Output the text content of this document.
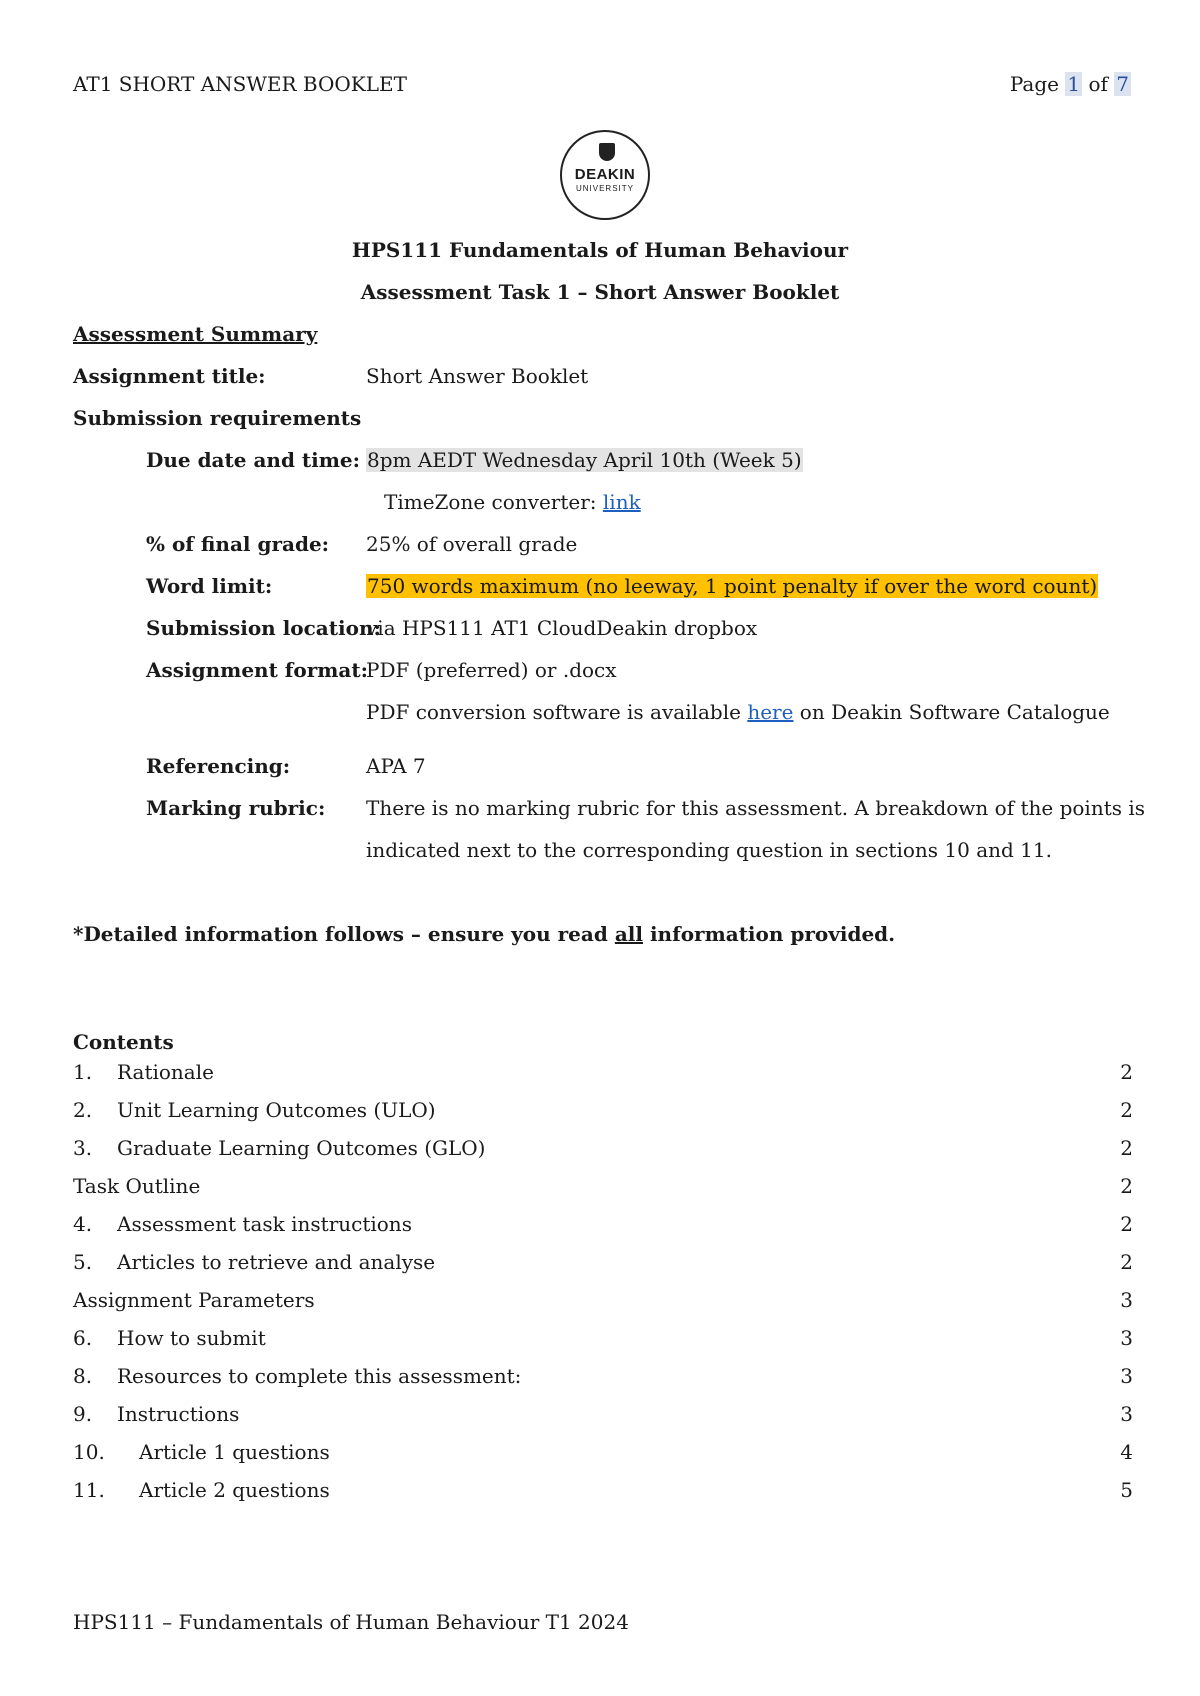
AT1 SHORT ANSWER BOOKLET	Page 1 of 7
DEAKIN
UNIVERSITY
HPS111 Fundamentals of Human Behaviour
Assessment Task 1 – Short Answer Booklet
Assessment Summary
Assignment title:	Short Answer Booklet
Submission requirements
Due date and time: 8pm AEDT Wednesday April 10th (Week 5)
TimeZone converter: link
% of final grade: 25% of overall grade
Word limit:	750 words maximum (no leeway, 1 point penalty if over the word count)
Submission location:
via HPS111 AT1 CloudDeakin dropbox
Assignment format:
PDF (preferred) or .docx
PDF conversion software is available here on Deakin Software Catalogue
Referencing:	APA 7
Marking rubric: There is no marking rubric for this assessment. A breakdown of the points is
indicated next to the corresponding question in sections 10 and 11.
*Detailed information follows – ensure you read all information provided.
Contents
1. Rationale	2
2. Unit Learning Outcomes (ULO)	2
3. Graduate Learning Outcomes (GLO)	2
Task Outline	2
4. Assessment task instructions	2
5. Articles to retrieve and analyse	2
Assignment Parameters	3
6. How to submit	3
8. Resources to complete this assessment:	3
9. Instructions	3
10. Article 1 questions	4
11. Article 2 questions	5
HPS111 – Fundamentals of Human Behaviour T1 2024
